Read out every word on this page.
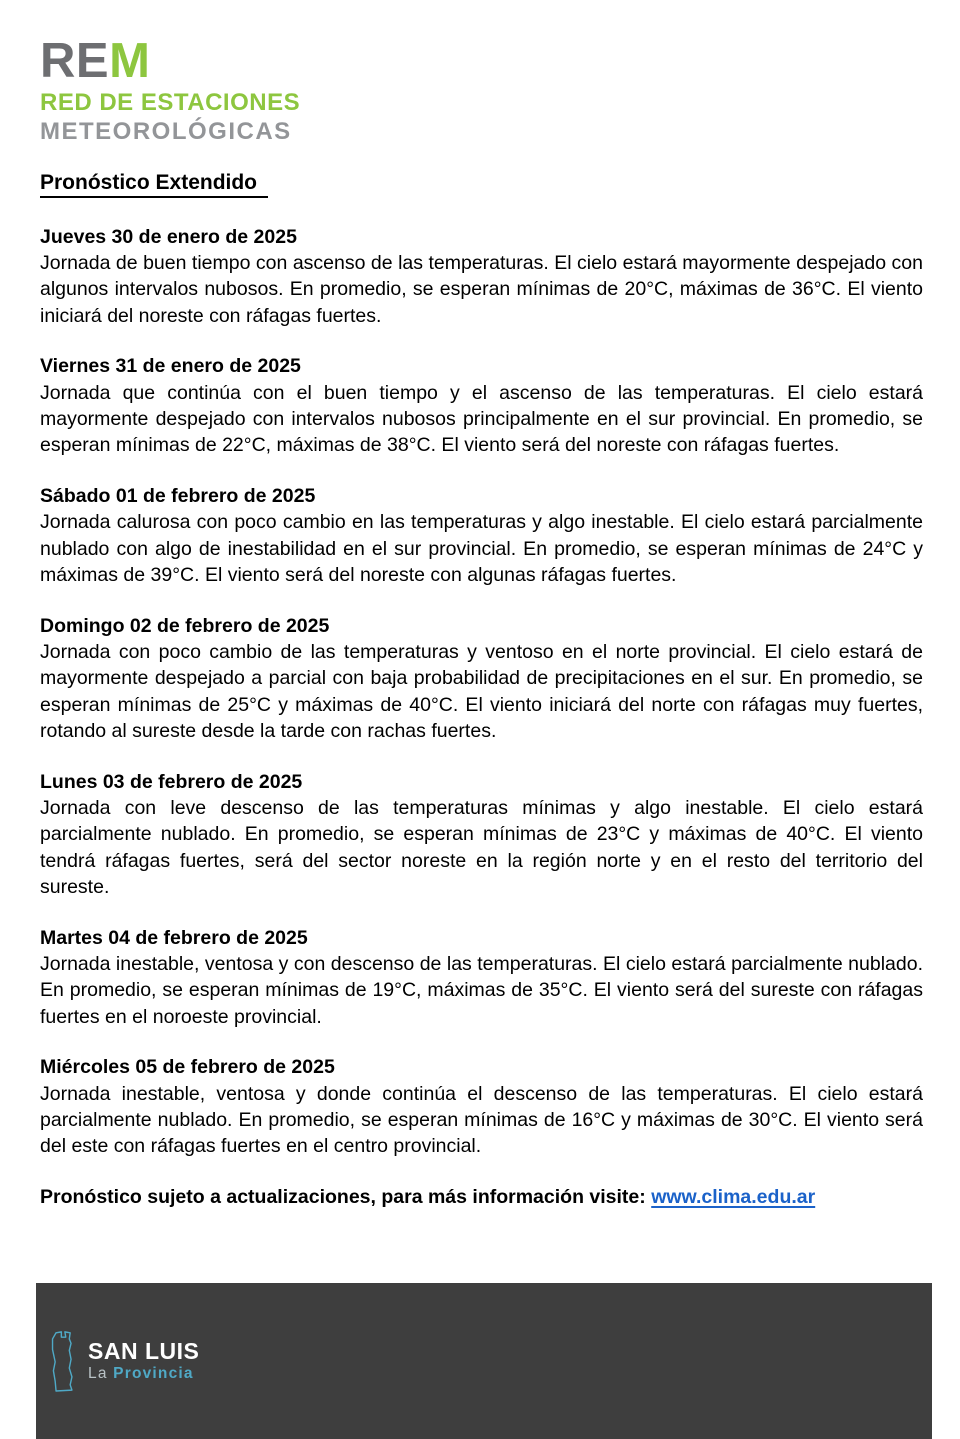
REM
RED DE ESTACIONES
METEOROLÓGICAS
Pronóstico Extendido
Jueves 30 de enero de 2025

Jornada de buen tiempo con ascenso de las temperaturas. El cielo estará mayormente despejado con algunos intervalos nubosos. En promedio, se esperan mínimas de 20°C, máximas de 36°C. El viento iniciará del noreste con ráfagas fuertes.

Viernes 31 de enero de 2025

Jornada que continúa con el buen tiempo y el ascenso de las temperaturas. El cielo estará mayormente despejado con intervalos nubosos principalmente en el sur provincial. En promedio, se esperan mínimas de 22°C, máximas de 38°C. El viento será del noreste con ráfagas fuertes.

Sábado 01 de febrero de 2025

Jornada calurosa con poco cambio en las temperaturas y algo inestable. El cielo estará parcialmente nublado con algo de inestabilidad en el sur provincial. En promedio, se esperan mínimas de 24°C y máximas de 39°C. El viento será del noreste con algunas ráfagas fuertes.

Domingo 02 de febrero de 2025

Jornada con poco cambio de las temperaturas y ventoso en el norte provincial. El cielo estará de mayormente despejado a parcial con baja probabilidad de precipitaciones en el sur. En promedio, se esperan mínimas de 25°C y máximas de 40°C. El viento iniciará del norte con ráfagas muy fuertes, rotando al sureste desde la tarde con rachas fuertes.

Lunes 03 de febrero de 2025

Jornada con leve descenso de las temperaturas mínimas y algo inestable. El cielo estará parcialmente nublado. En promedio, se esperan mínimas de 23°C y máximas de 40°C. El viento tendrá ráfagas fuertes, será del sector noreste en la región norte y en el resto del territorio del sureste.

Martes 04 de febrero de 2025

Jornada inestable, ventosa y con descenso de las temperaturas. El cielo estará parcialmente nublado. En promedio, se esperan mínimas de 19°C, máximas de 35°C. El viento será del sureste con ráfagas fuertes en el noroeste provincial.

Miércoles 05 de febrero de 2025

Jornada inestable, ventosa y donde continúa el descenso de las temperaturas. El cielo estará parcialmente nublado. En promedio, se esperan mínimas de 16°C y máximas de 30°C. El viento será del este con ráfagas fuertes en el centro provincial.

Pronóstico sujeto a actualizaciones, para más información visite: www.clima.edu.ar

SAN LUIS
La Provincia
